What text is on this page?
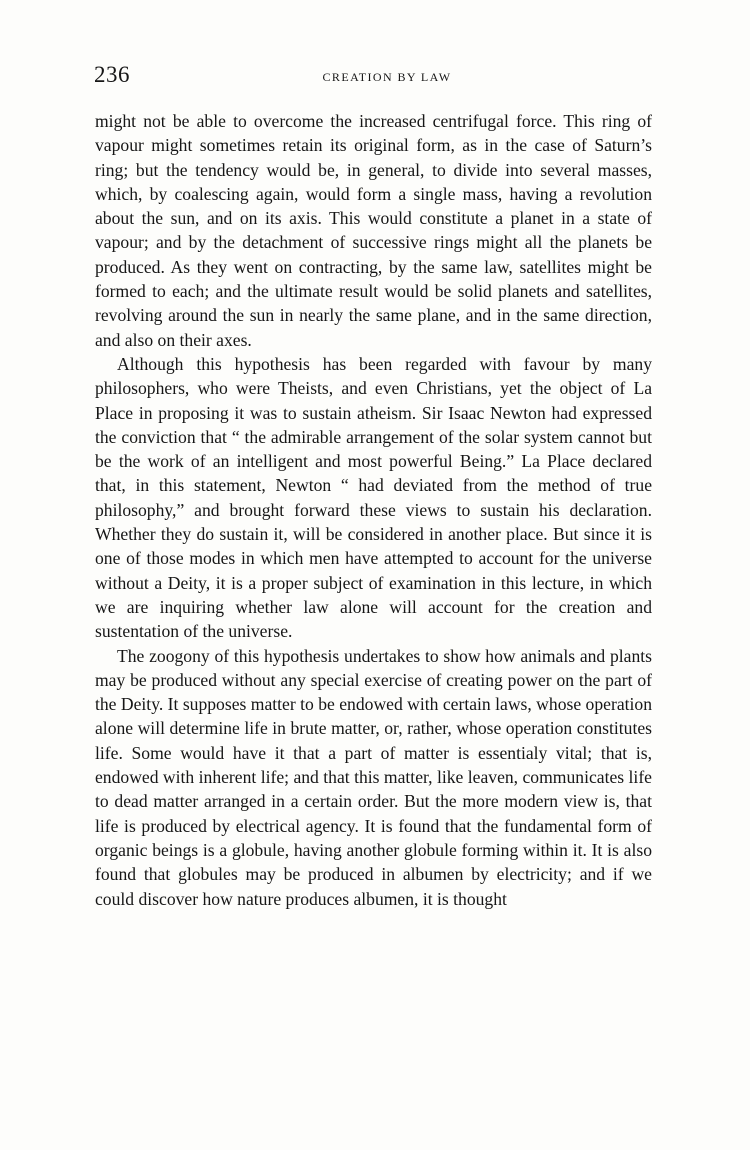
236	CREATION BY LAW

might not be able to overcome the increased centrifugal force. This ring of vapour might sometimes retain its original form, as in the case of Saturn’s ring; but the tendency would be, in general, to divide into several masses, which, by coalescing again, would form a single mass, having a revolution about the sun, and on its axis. This would constitute a planet in a state of vapour; and by the detachment of successive rings might all the planets be produced. As they went on contracting, by the same law, satellites might be formed to each; and the ultimate result would be solid planets and satellites, revolving around the sun in nearly the same plane, and in the same direction, and also on their axes.

Although this hypothesis has been regarded with favour by many philosophers, who were Theists, and even Christians, yet the object of La Place in proposing it was to sustain atheism. Sir Isaac Newton had expressed the conviction that “ the admirable arrangement of the solar system cannot but be the work of an intelligent and most powerful Being.” La Place declared that, in this statement, Newton “ had deviated from the method of true philosophy,” and brought forward these views to sustain his declaration. Whether they do sustain it, will be considered in another place. But since it is one of those modes in which men have attempted to account for the universe without a Deity, it is a proper subject of examination in this lecture, in which we are inquiring whether law alone will account for the creation and sustentation of the universe.

The zoogony of this hypothesis undertakes to show how animals and plants may be produced without any special exercise of creating power on the part of the Deity. It supposes matter to be endowed with certain laws, whose operation alone will determine life in brute matter, or, rather, whose operation constitutes life. Some would have it that a part of matter is essentialy vital; that is, endowed with inherent life; and that this matter, like leaven, communicates life to dead matter arranged in a certain order. But the more modern view is, that life is produced by electrical agency. It is found that the fundamental form of organic beings is a globule, having another globule forming within it. It is also found that globules may be produced in albumen by electricity; and if we could discover how nature produces albumen, it is thought
